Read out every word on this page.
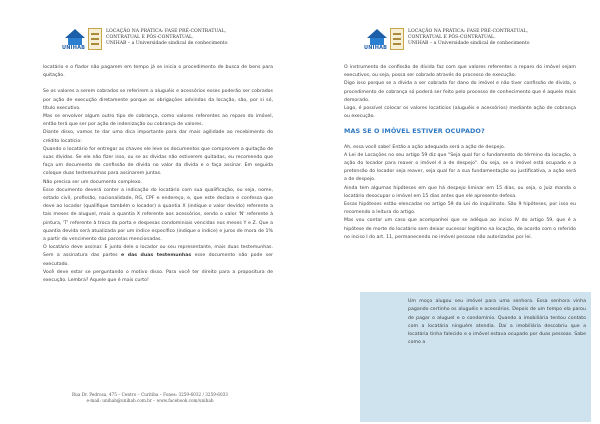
UNIHAB
LOCAÇÃO NA PRÁTICA: FASE PRÉ-CONTRATUAL,
CONTRATUAL E PÓS-CONTRATUAL.
UNIHAB – a Universidade sindical de conhecimento

locatário e o fiador não pagarem em tempo já se inicia o procedimento de busca de bens para quitação.

Se os valores a serem cobrados se referirem a aluguéis e acessórios esses poderão ser cobrados por ação de execução diretamente porque as obrigações advindas da locação, são, por si só, título executivo.

Mas se envolver algum outro tipo de cobrança, como valores referentes ao reparo do imóvel, então terá que ser por ação de indenização ou cobrança de valores.

Diante disso, vamos te dar uma dica importante para dar mais agilidade ao recebimento do crédito locatício:

Quando o locatário for entregar as chaves ele leve os documentos que comprovem a quitação de suas dívidas. Se ele não fizer isso, ou se as dívidas não estiverem quitadas, eu recomendo que faça um documento de confissão de dívida no valor da dívida e o faça assinar. Em seguida coloque duas testemunhas para assinarem juntas.

Não precisa ser um documento complexo.

Esse documento deverá conter a indicação do locatário com sua qualificação, ou seja, nome, estado civil, profissão, nacionalidade, RG, CPF e endereço, e, que este declara e confessa que deve ao locador (qualifique também o locador) a quantia X (indique o valor devido) referente a tais meses de aluguel, mais a quantia X referente aos acessórios, sendo o valor 'N' referente à pintura, 'T' referente à troca da porta e despesas condominiais vencidas nos meses Y e Z. Que a quantia devida será atualizada por um índice específico (indique o índice) e juros de mora de 1% a partir do vencimento das parcelas mencionadas.

O locatário deve assinar. E junto dele o locador ou seu representante, mais duas testemunhas. Sem a assinatura das partes e das duas testemunhas esse documento não pode ser executado.

Você deve estar se perguntando o motivo disso. Para você ter direito para a propositura de execução. Lembra? Aquele que é mais curto!

Rua Dr. Pedrosa, 475 – Centro – Curitiba – Fones: 3259-6032 / 3259-6033
e-mail: unihab@unihab.com.br – www.facebook.com/unihab
UNIHAB
LOCAÇÃO NA PRÁTICA: FASE PRÉ-CONTRATUAL,
CONTRATUAL E PÓS-CONTRATUAL.
UNIHAB – a Universidade sindical de conhecimento

O instrumento de confissão de dívida faz com que valores referentes a reparo do imóvel sejam executivos, ou seja, possa ser cobrado através do processo de execução.

Digo isso porque se a dívida a ser cobrada for dano do imóvel e não tiver confissão de dívida, o procedimento de cobrança só poderá ser feito pelo processo de conhecimento que é aquele mais demorado.

Logo, é possível colocar os valores locatícios (aluguéis e acessórios) mediante ação de cobrança ou execução.

MAS SE O IMÓVEL ESTIVER OCUPADO?

Ah, essa você sabe! Então a ação adequada será a ação de despejo.

A Lei de Locações no seu artigo 59 diz que "Seja qual for o fundamento do término da locação, a ação do locador para reaver o imóvel é a de despejo". Ou seja, se o imóvel está ocupado e a pretensão do locador seja reaver, seja qual for a sua fundamentação ou justificativa, a ação será a de despejo.

Ainda tem algumas hipóteses em que há despejo liminar em 15 dias, ou seja, o Juiz manda o locatário desocupar o imóvel em 15 dias antes que ele apresente defesa.

Essas hipóteses estão elencadas no artigo 59 da Lei do inquilinato. São 9 hipóteses, por isso eu recomendo a leitura do artigo.

Mas vou contar um caso que acompanhei que se adéqua ao inciso IV do artigo 59, que é a hipótese de morte do locatário sem deixar sucessor legítimo na locação, de acordo com o referido no inciso I do art. 11, permanecendo no imóvel pessoas não autorizadas por lei.

Um moço alugou seu imóvel para uma senhora. Essa senhora vinha pagando certinho os aluguéis e acessórios. Depois de um tempo ela parou de pagar o aluguel e o condomínio. Quando a imobiliária tentou contato com a locatária ninguém atendia. Daí a imobiliária descobriu que a locatária tinha falecido e o imóvel estava ocupado por duas pessoas. Sabe como a
